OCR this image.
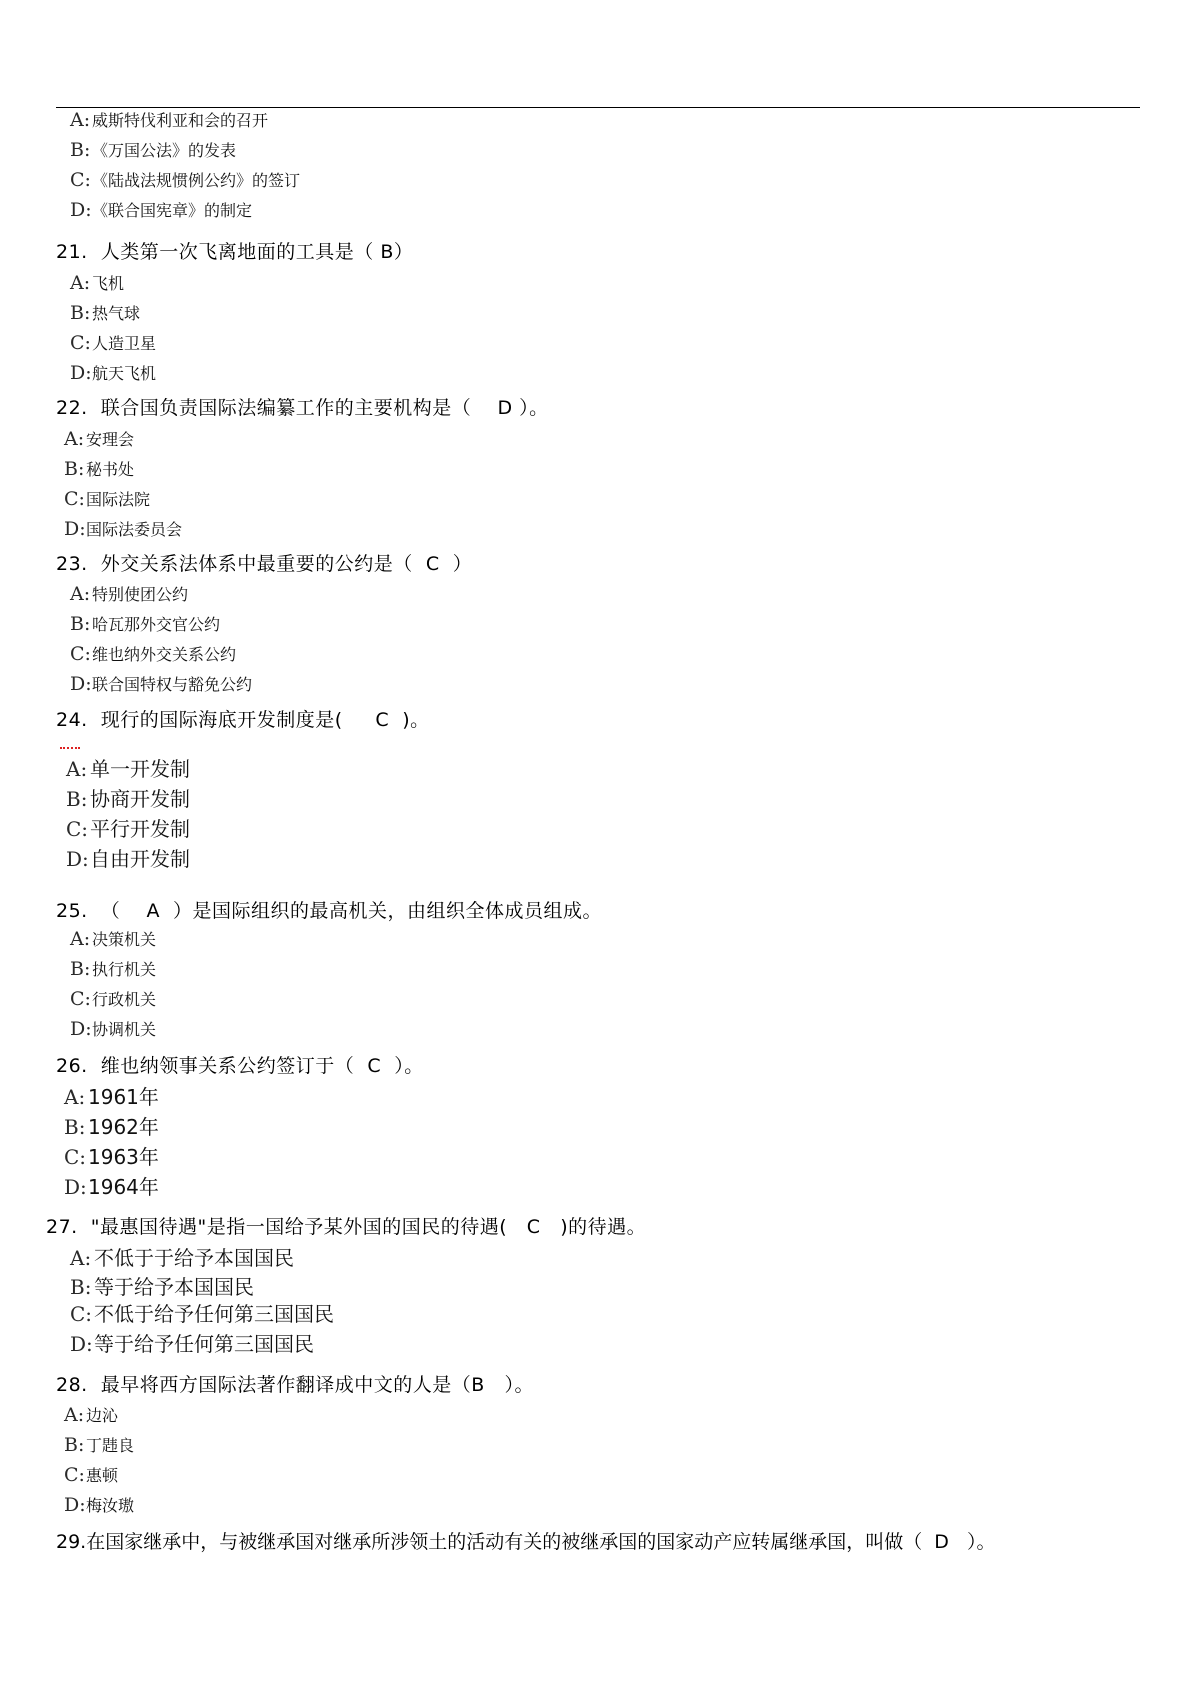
A: 威斯特伐利亚和会的召开
B: 《万国公法》的发表
C:《陆战法规惯例公约》的签订
D:《联合国宪章》的制定
21.  人类第一次飞离地面的工具是（ B）
A: 飞机
B: 热气球
C:人造卫星
D:航天飞机
22.  联合国负责国际法编纂工作的主要机构是（    D ）。
A: 安理会
B: 秘书处
C:国际法院
D:国际法委员会
23.  外交关系法体系中最重要的公约是（  C  ）
A: 特别使团公约
B: 哈瓦那外交官公约
C:维也纳外交关系公约
D:联合国特权与豁免公约
24.  现行的国际海底开发制度是(     C  )。
A: 单一开发制
B: 协商开发制
C:平行开发制
D:自由开发制
25.  （    A  ）是国际组织的最高机关，由组织全体成员组成。
A: 决策机关
B: 执行机关
C:行政机关
D:协调机关
26.  维也纳领事关系公约签订于（  C  ）。
A: 1961年
B: 1962年
C:1963年
D:1964年
27.  "最惠国待遇"是指一国给予某外国的国民的待遇(   C   )的待遇。
A: 不低于于给予本国国民
B: 等于给予本国国民
C:不低于给予任何第三国国民
D:等于给予任何第三国国民
28.  最早将西方国际法著作翻译成中文的人是（B   ）。
A: 边沁
B: 丁韪良
C:惠顿
D:梅汝璈
29.在国家继承中，与被继承国对继承所涉领土的活动有关的被继承国的国家动产应转属继承国，叫做（  D   ）。
